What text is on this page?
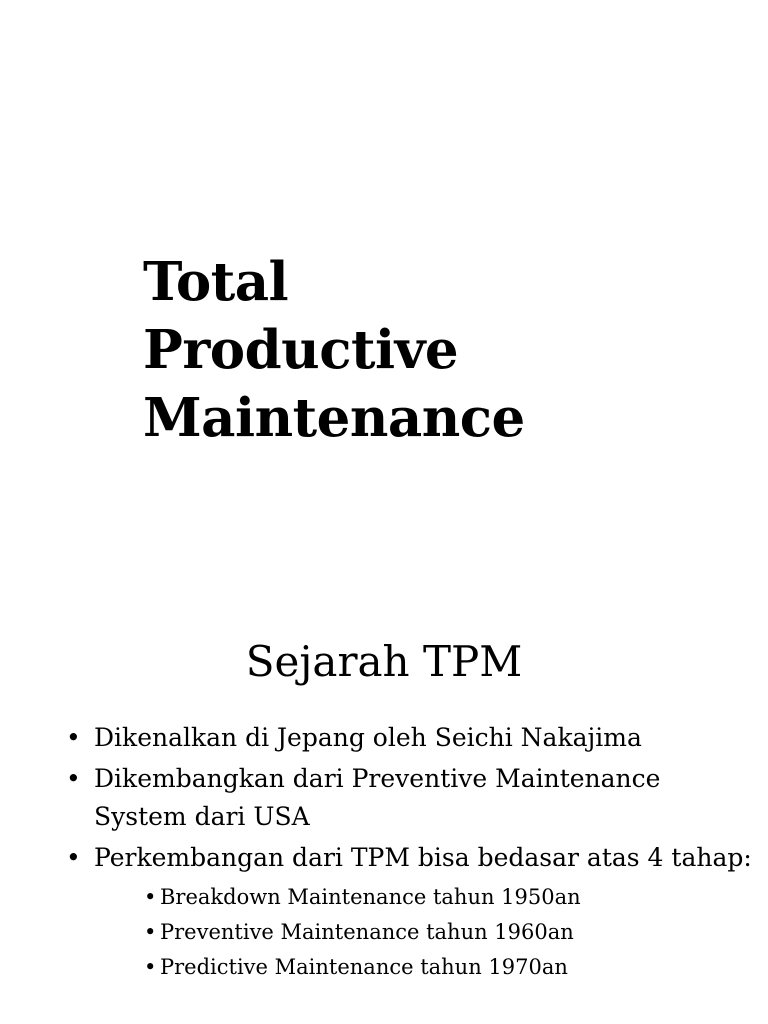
Total
Productive
Maintenance
Sejarah TPM
• Dikenalkan di Jepang oleh Seichi Nakajima
• Dikembangkan dari Preventive Maintenance System dari USA
• Perkembangan dari TPM bisa bedasar atas 4 tahap:
• Breakdown Maintenance tahun 1950an
• Preventive Maintenance tahun 1960an
• Predictive Maintenance tahun 1970an
